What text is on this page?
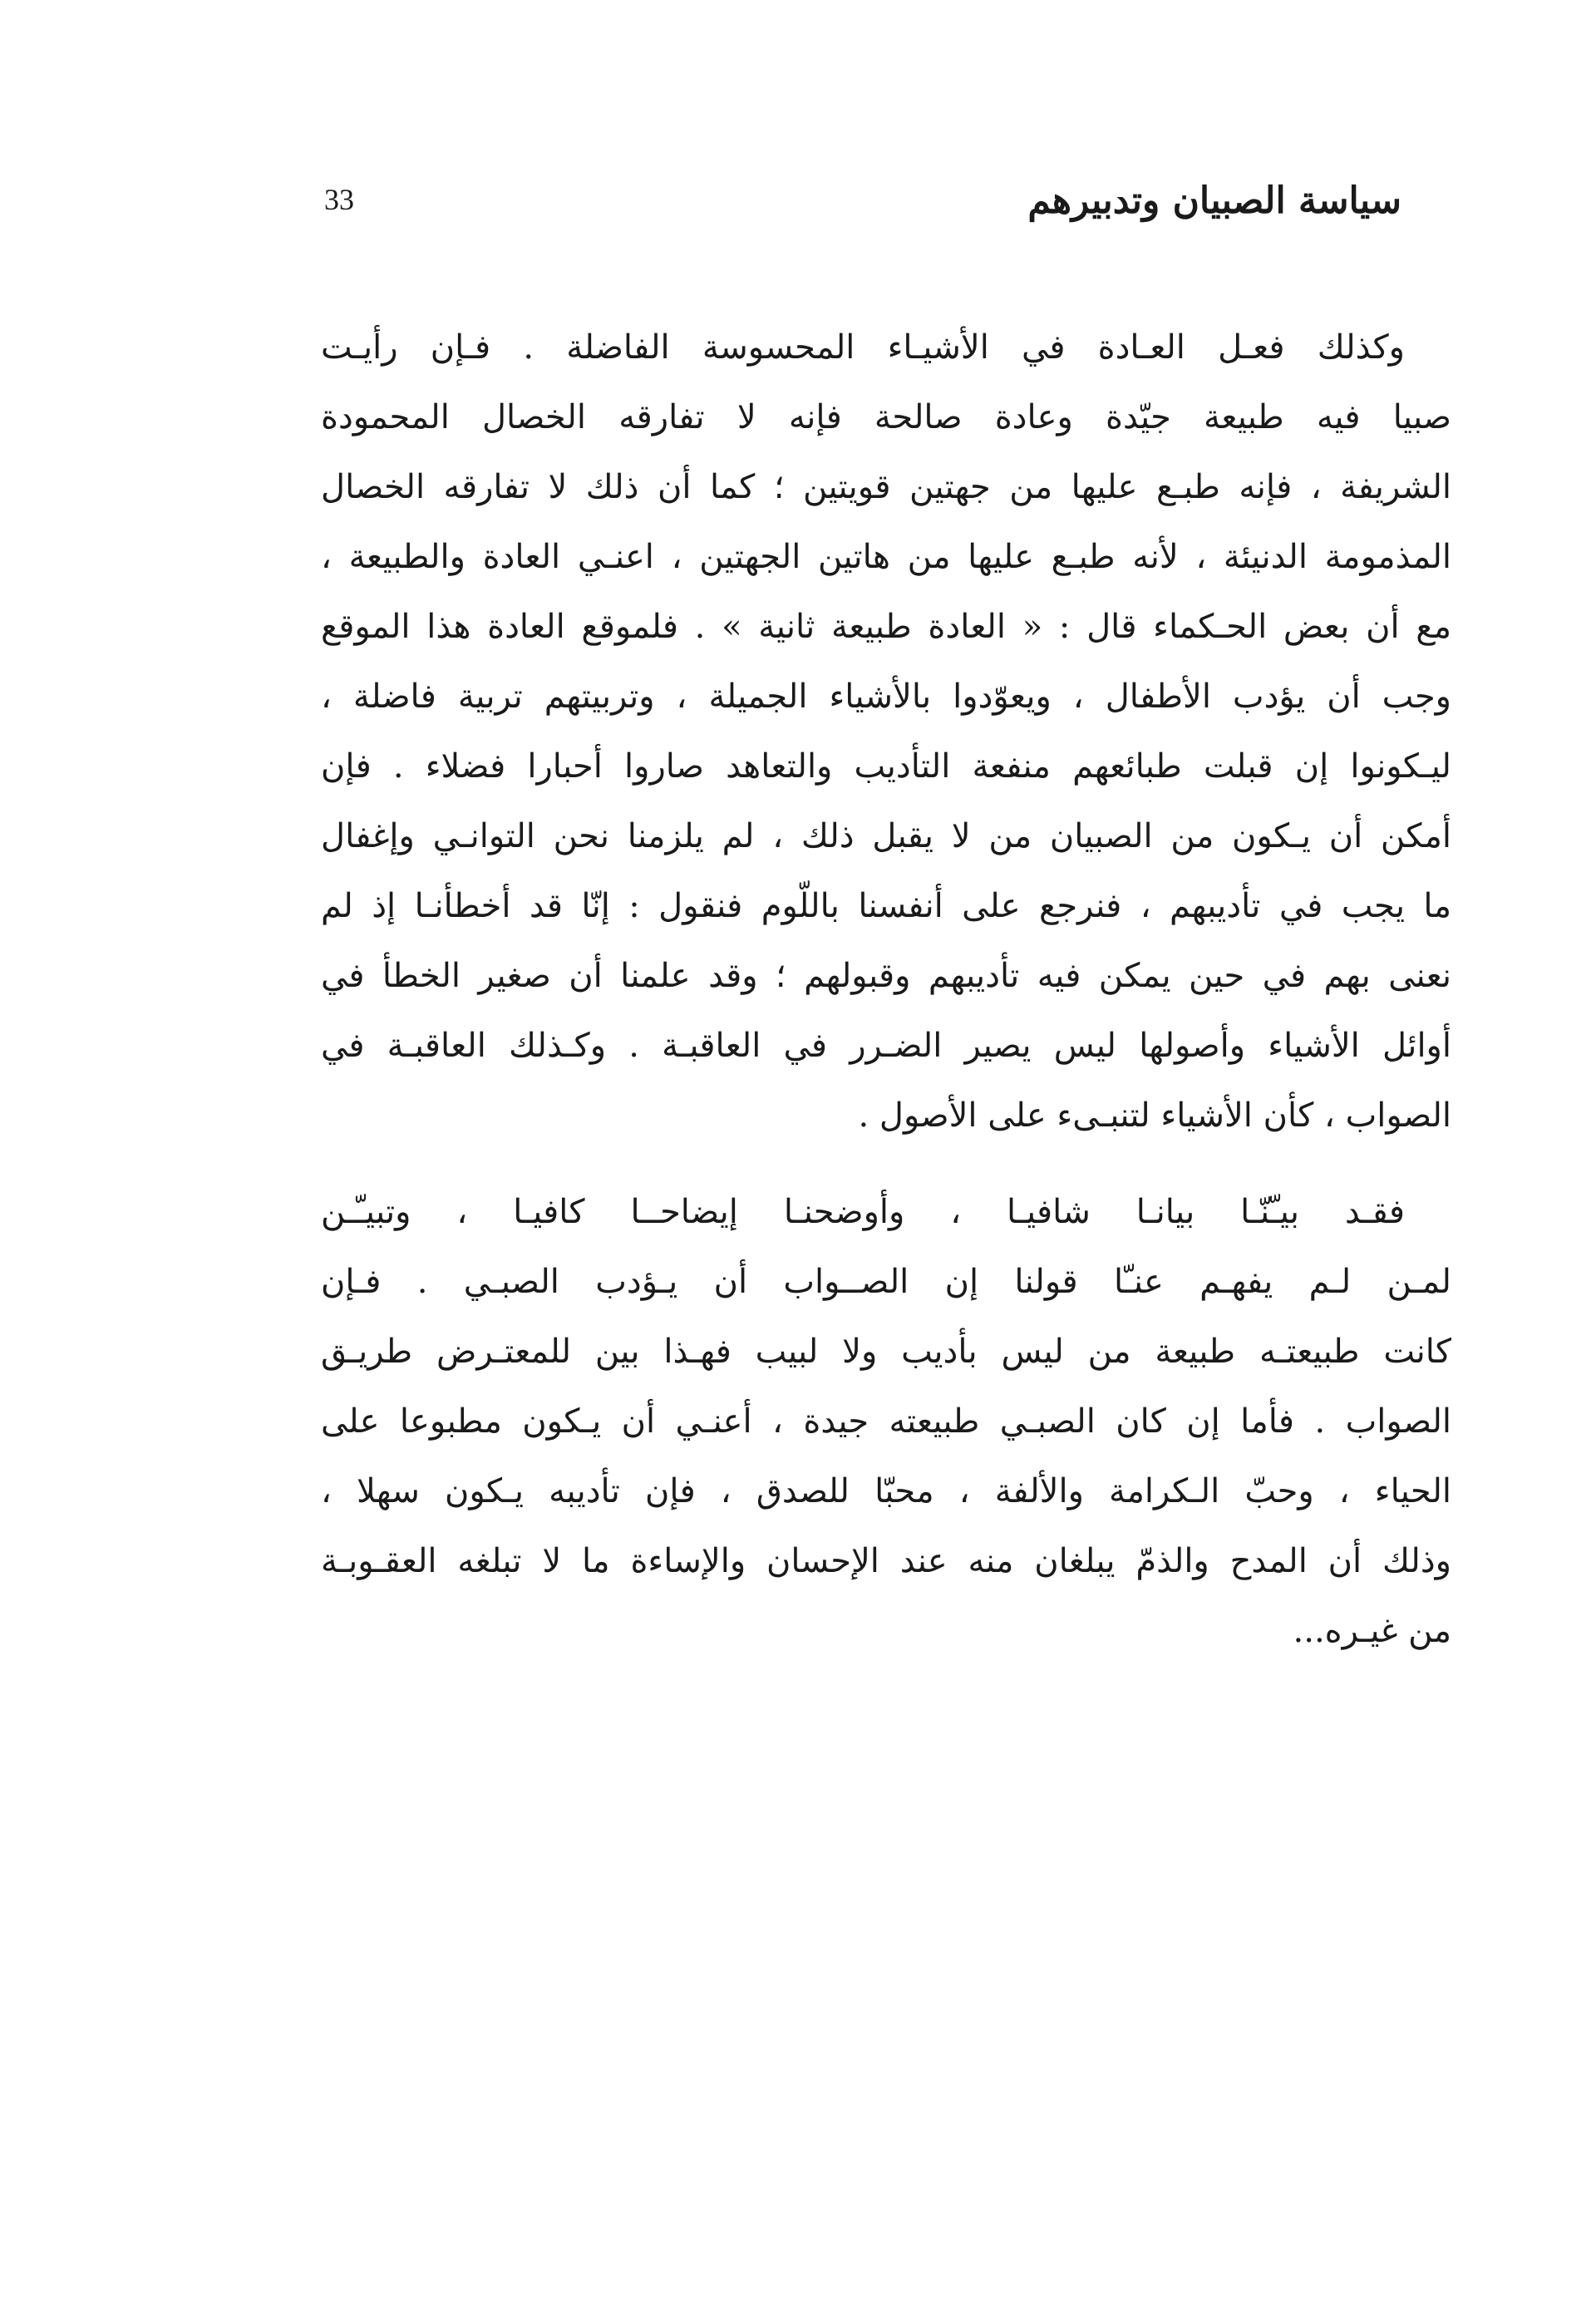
33	سياسة الصبيان وتدبيرهم

وكذلك فعـل العـادة في الأشيـاء المحسوسة الفاضلة . فـإن رأيـت
صبيا فيه طبيعة جيّدة وعادة صالحة فإنه لا تفارقه الخصال المحمودة
الشريفة ، فإنه طبـع عليها من جهتين قويتين ؛ كما أن ذلك لا تفارقه الخصال
المذمومة الدنيئة ، لأنه طبـع عليها من هاتين الجهتين ، اعنـي العادة والطبيعة ،
مع أن بعض الحـكماء قال : « العادة طبيعة ثانية » . فلموقع العادة هذا الموقع
وجب أن يؤدب الأطفال ، ويعوّدوا بالأشياء الجميلة ، وتربيتهم تربية فاضلة ،
ليـكونوا إن قبلت طبائعهم منفعة التأديب والتعاهد صاروا أحبارا فضلاء . فإن
أمكن أن يـكون من الصبيان من لا يقبل ذلك ، لم يلزمنا نحن التوانـي وإغفال
ما يجب في تأديبهم ، فنرجع على أنفسنا باللّوم فنقول : إنّا قد أخطأنـا إذ لم
نعنى بهم في حين يمكن فيه تأديبهم وقبولهم ؛ وقد علمنا أن صغير الخطأ في
أوائل الأشياء وأصولها ليس يصير الضـرر في العاقبـة . وكـذلك العاقبـة في
الصواب ، كأن الأشياء لتنبـىء على الأصول .

فقـد بيـّنّـا بيانـا شافيـا ، وأوضحنـا إيضاحــا كافيـا ، وتبيـّـن
لمـن لـم يفهـم عنـّا قولنا إن الصــواب أن يـؤدب الصبـي . فـإن
كانت طبيعتـه طبيعة من ليس بأديب ولا لبيب فهـذا بين للمعتـرض طريـق
الصواب . فأما إن كان الصبـي طبيعته جيدة ، أعنـي أن يـكون مطبوعا على
الحياء ، وحبّ الـكرامة والألفة ، محبّا للصدق ، فإن تأديبه يـكون سهلا ،
وذلك أن المدح والذمّ يبلغان منه عند الإحسان والإساءة ما لا تبلغه العقـوبـة
من غيـره...
